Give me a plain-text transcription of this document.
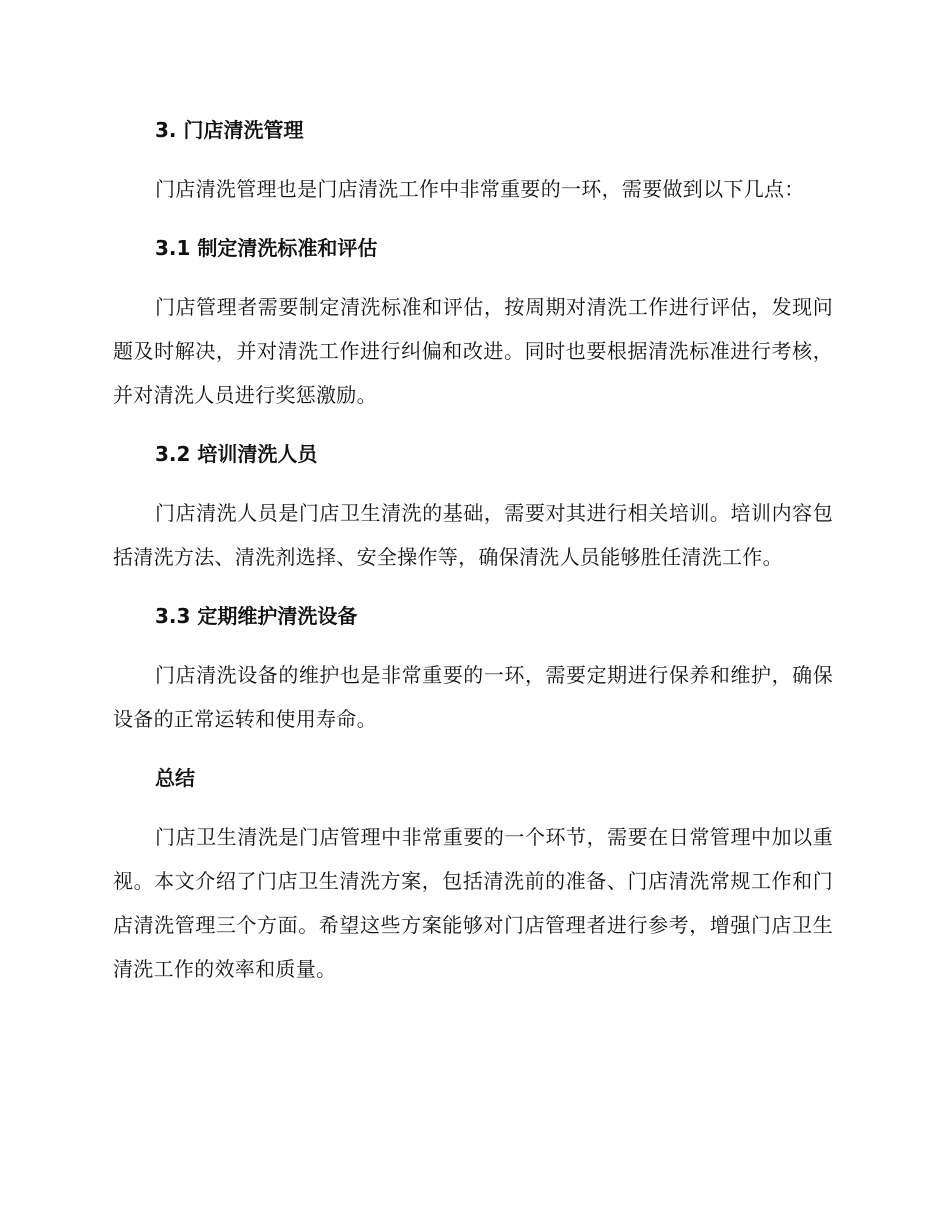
3. 门店清洗管理

门店清洗管理也是门店清洗工作中非常重要的一环，需要做到以下几点：

3.1 制定清洗标准和评估

门店管理者需要制定清洗标准和评估，按周期对清洗工作进行评估，发现问题及时解决，并对清洗工作进行纠偏和改进。同时也要根据清洗标准进行考核，并对清洗人员进行奖惩激励。

3.2 培训清洗人员

门店清洗人员是门店卫生清洗的基础，需要对其进行相关培训。培训内容包括清洗方法、清洗剂选择、安全操作等，确保清洗人员能够胜任清洗工作。

3.3 定期维护清洗设备

门店清洗设备的维护也是非常重要的一环，需要定期进行保养和维护，确保设备的正常运转和使用寿命。

总结

门店卫生清洗是门店管理中非常重要的一个环节，需要在日常管理中加以重视。本文介绍了门店卫生清洗方案，包括清洗前的准备、门店清洗常规工作和门店清洗管理三个方面。希望这些方案能够对门店管理者进行参考，增强门店卫生清洗工作的效率和质量。
